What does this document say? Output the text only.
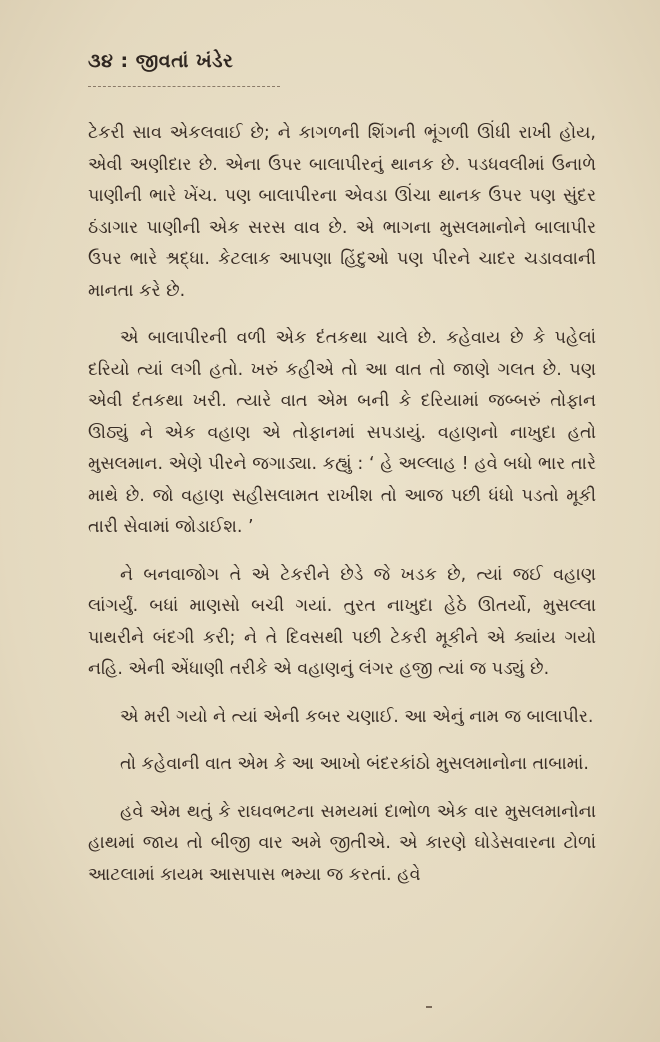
૩૪ : જીવતાં ખંડેર

ટેકરી સાવ એકલવાઈ છે; ને કાગળની શિંગની ભૂંગળી ઊંધી રાખી હોય, એવી અણીદાર છે. એના ઉપર બાલાપીરનું થાનક છે. પડધવલીમાં ઉનાળે પાણીની ભારે ખેંચ. પણ બાલાપીરના એવડા ઊંચા થાનક ઉપર પણ સુંદર ઠંડાગાર પાણીની એક સરસ વાવ છે. એ ભાગના મુસલમાનોને બાલાપીર ઉપર ભારે શ્રદ્ધા. કેટલાક આપણા હિંદુઓ પણ પીરને ચાદર ચડાવવાની માનતા કરે છે.

એ બાલાપીરની વળી એક દંતકથા ચાલે છે. કહેવાય છે કે પહેલાં દરિયો ત્યાં લગી હતો. ખરું કહીએ તો આ વાત તો જાણે ગલત છે. પણ એવી દંતકથા ખરી. ત્યારે વાત એમ બની કે દરિયામાં જબ્બરું તોફાન ઊઠ્યું ને એક વહાણ એ તોફાનમાં સપડાયું. વહાણનો નાખુદા હતો મુસલમાન. એણે પીરને જગાડ્યા. કહ્યું : ‘ હે અલ્લાહ ! હવે બધો ભાર તારે માથે છે. જો વહાણ સહીસલામત રાખીશ તો આજ પછી ધંધો પડતો મૂકી તારી સેવામાં જોડાઈશ. ’

ને બનવાજોગ તે એ ટેકરીને છેડે જે ખડક છે, ત્યાં જઈ વહાણ લાંગર્યું. બધાં માણસો બચી ગયાં. તુરત નાખુદા હેઠે ઊતર્યો, મુસલ્લા પાથરીને બંદગી કરી; ને તે દિવસથી પછી ટેકરી મૂકીને એ ક્યાંય ગયો નહિ. એની એંધાણી તરીકે એ વહાણનું લંગર હજી ત્યાં જ પડ્યું છે.

એ મરી ગયો ને ત્યાં એની કબર ચણાઈ. આ એનું નામ જ બાલાપીર.

તો કહેવાની વાત એમ કે આ આખો બંદરકાંઠો મુસલમાનોના તાબામાં.

હવે એમ થતું કે રાઘવભટના સમયમાં દાભોળ એક વાર મુસલમાનોના હાથમાં જાય તો બીજી વાર અમે જીતીએ. એ કારણે ઘોડેસવારના ટોળાં આટલામાં કાયમ આસપાસ ભમ્યા જ કરતાં. હવે
